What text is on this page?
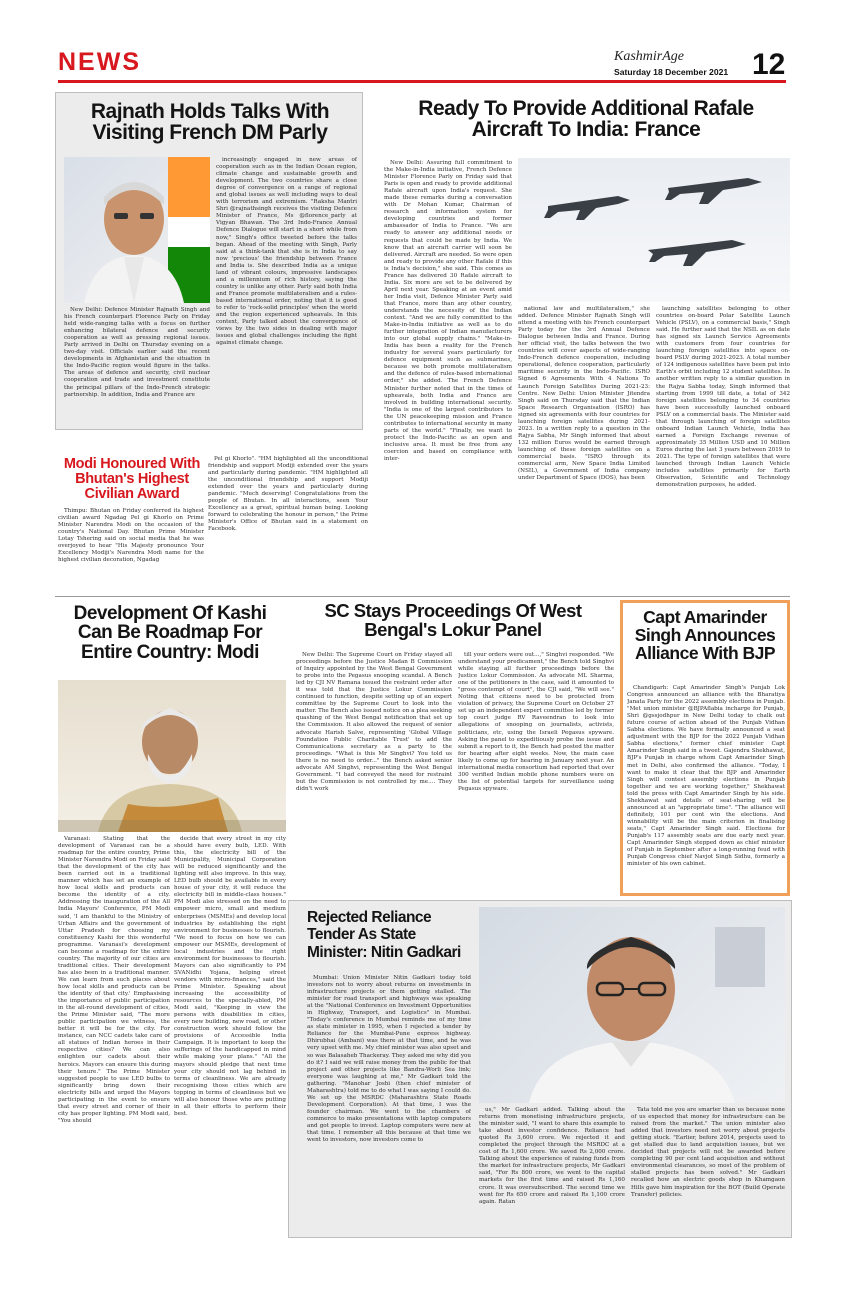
NEWS	KashmirAge
Saturday 18 December 2021 12
Rajnath Holds Talks With Visiting French DM Parly
New Delhi: Defence Minister Rajnath Singh and his French counterpart Florence Parly on Friday held wide-ranging talks with a focus on further enhancing bilateral defence and security cooperation as well as pressing regional issues. Parly arrived in Delhi on Thursday evening on a two-day visit. Officials earlier said the recent developments in Afghanistan and the situation in the Indo-Pacific region would figure in the talks. The areas of defence and security, civil nuclear cooperation and trade and investment constitute the principal pillars of the Indo-French strategic partnership. In addition, India and France are
increasingly engaged in new areas of cooperation such as in the Indian Ocean region, climate change and sustainable growth and development. The two countries share a close degree of convergence on a range of regional and global issues as well including ways to deal with terrorism and extremism. "Raksha Mantri Shri @rajnathsingh receives the visiting Defence Minister of France, Ms @florence_parly at Vigyan Bhawan. The 3rd Indo-France Annual Defence Dialogue will start in a short while from now," Singh's office tweeted before the talks began. Ahead of the meeting with Singh, Parly said at a think-tank that she is in India to say now 'precious' the friendship between France and India is. She described India as a unique land of vibrant colours, impressive landscapes and a millennium of rich history, saying the country is unlike any other. Parly said both India and France promote multilateralism and a rules-based international order, noting that it is good to refer to 'rock-solid principles' when the world and the region experienced upheavals. In this context, Parly talked about the convergence of views by the two sides in dealing with major issues and global challenges including the fight against climate change.
Ready To Provide Additional Rafale Aircraft To India: France
New Delhi: Assuring full commitment to the Make-in-India initiative, French Defence Minister Florence Parly on Friday said that Paris is open and ready to provide additional Rafale aircraft upon India's request. She made these remarks during a conversation with Dr Mohan Kumar, Chairman of research and information system for developing countries and former ambassador of India to France. "We are ready to answer any additional needs or requests that could be made by India. We know that an aircraft carrier will soon be delivered. Aircraft are needed. So were open and ready to provide any other Rafale if this is India's decision," she said. This comes as France has delivered 30 Rafale aircraft to India. Six more are set to be delivered by April next year. Speaking at an event amid her India visit, Defence Minister Parly said that France, more than any other country, understands the necessity of the Indian context. "And we are fully committed to the Make-in-India initiative as well as to do further integration of Indian manufacturers into our global supply chains." "Make-in-India has been a reality for the French industry for several years particularly for defence equipment such as submarines, because we both promote multilateralism and the defence of rules-based international order," she added. The French Defence Minister further noted that in the times of upheavals, both India and France are involved in building international security. "India is one of the largest contributors to the UN peacekeeping mission and France contributes to international security in many parts of the world." "Finally, we want to protect the Indo-Pacific as an open and inclusive area. It must be free from any coercion and based on compliance with inter-
national law and multilateralism," she added. Defence Minister Rajnath Singh will attend a meeting with his French counterpart Parly today for the 3rd Annual Defence Dialogue between India and France. During her official visit, the talks between the two countries will cover aspects of wide-ranging Indo-French defence cooperation, including operational, defence cooperation, particularly maritime security in the Indo-Pacific. ISRO Signed 6 Agreements With 4 Nations To Launch Foreign Satellites During 2021-23: Centre. New Delhi: Union Minister Jitendra Singh said on Thursday said that the Indian Space Research Organisation (ISRO) has signed six agreements with four countries for launching foreign satellites during 2021-2023. In a written reply to a question in the Rajya Sabha, Mr Singh informed that about 132 million Euros would be earned through launching of these foreign satellites on a commercial basis. "ISRO through its commercial arm, New Space India Limited (NSIL), a Government of India company under Department of Space (DOS), has been
launching satellites belonging to other countries on-board Polar Satellite Launch Vehicle (PSLV), on a commercial basis," Singh said. He further said that the NSIL as on date has signed six Launch Service Agreements with customers from four countries for launching foreign satellites into space on-board PSLV during 2021-2023. A total number of 124 indigenous satellites have been put into Earth's orbit including 12 student satellites. In another written reply to a similar question in the Rajya Sabha today, Singh informed that starting from 1999 till date, a total of 342 foreign satellites belonging to 34 countries have been successfully launched onboard PSLV on a commercial basis. The Minister said that through launching of foreign satellites onboard Indian Launch Vehicle, India has earned a Foreign Exchange revenue of approximately 35 Million USD and 10 Million Euros during the last 3 years between 2019 to 2021. The type of foreign satellites that were launched through Indian Launch Vehicle includes satellites primarily for Earth Observation, Scientific and Technology demonstration purposes, he added.
Modi Honoured With Bhutan's Highest Civilian Award
Thimpu: Bhutan on Friday conferred its highest civilian award Ngadag Pel gi Khorlo on Prime Minister Narendra Modi on the occasion of the country's National Day. Bhutan Prime Minister Lotay Tshering said on social media that he was overjoyed to hear "His Majesty pronounce Your Excellency Modiji's Narendra Modi name for the highest civilian decoration, Ngadag
Pel gi Khorlo". "HM highlighted all the unconditional friendship and support Modiji extended over the years and particularly during pandemic. "HM highlighted all the unconditional friendship and support Modiji extended over the years and particularly during pandemic. "Much deserving! Congratulations from the people of Bhutan. In all interactions, seen Your Excellency as a great, spiritual human being. Looking forward to celebrating the honour in person," the Prime Minister's Office of Bhutan said in a statement on Facebook.
Development Of Kashi Can Be Roadmap For Entire Country: Modi
Varanasi: Stating that the development of Varanasi can be a roadmap for the entire country, Prime Minister Narendra Modi on Friday said that the development of the city has been carried out in a traditional manner which has set an example of how local skills and products can become the identity of a city. Addressing the inauguration of the All India Mayors' Conference, PM Modi said, 'I am thankful to the Ministry of Urban Affairs and the government of Uttar Pradesh for choosing my constituency Kashi for this wonderful programme. Varanasi's development can become a roadmap for the entire country. The majority of our cities are traditional cities. Their development has also been in a traditional manner. We can learn from such places about how local skills and products can be the identity of that city.' Emphasising the importance of public participation in the all-round development of cities, the Prime Minister said, "The more public participation we witness, the better it will be for the city. For instance, can NCC cadets take care of all statues of Indian heroes in their respective cities? We can also enlighten our cadets about their heroics. Mayors can ensure this during their tenure." The Prime Minister suggested people to use LED bulbs to significantly bring down their electricity bills and urged the Mayors participating in the event to ensure that every street and corner of their city has proper lighting. PM Modi said, "You should
decide that every street in my city should have every bulb, LED. With this, the electricity bill of the Municipality, Municipal Corporation will be reduced significantly and the lighting will also improve. In this way, LED bulb should be available in every house of your city, it will reduce the electricity bill in middle-class houses." PM Modi also stressed on the need to empower micro, small and medium enterprises (MSMEs) and develop local industries by establishing the right environment for businesses to flourish. "We need to focus on how we can empower our MSMEs, development of local industries and the right environment for businesses to flourish. Mayors can also significantly to PM SVANidhi Yojana, helping street vendors with micro-finances," said the Prime Minister. Speaking about increasing the accessibility of resources to the specially-abled, PM Modi said, "Keeping in view the persons with disabilities in cities, every new building, new road, or other construction work should follow the provisions of Accessible India Campaign. It is important to keep the sufferings of the handicapped in mind while making your plans." "All the mayors should pledge that next time your city should not lag behind in terms of cleanliness. We are already recognising those cities which are topping in terms of cleanliness but we will also honour those who are putting in all their efforts to perform their best.
SC Stays Proceedings Of West Bengal's Lokur Panel
New Delhi: The Supreme Court on Friday stayed all proceedings before the Justice Madan B Commission of Inquiry appointed by the West Bengal Government to probe into the Pegasus snooping scandal. A Bench led by CJI NV Ramana issued the restraint order after it was told that the Justice Lokur Commission continued to function, despite setting up of an expert committee by the Supreme Court to look into the matter. The Bench also issued notice on a plea seeking quashing of the West Bengal notification that set up the Commission. It also allowed the request of senior advocate Harish Salve, representing 'Global Village Foundation Public Charitable Trust' to add the Communications secretary as a party to the proceedings. "What is this Mr Singhvi? You told us there is no need to order..." the Bench asked senior advocate AM Singhvi, representing the West Bengal Government. "I had conveyed the need for restraint but the Commission is not controlled by me.... They didn't work
till your orders were out...," Singhvi responded. "We understand your predicament," the Bench told Singhvi while staying all further proceedings before the Justice Lokur Commission. As advocate ML Sharma, one of the petitioners in the case, said it amounted to "gross contempt of court", the CJI said, "We will see." Noting that citizens need to be protected from violation of privacy, the Supreme Court on October 27 set up an independent expert committee led by former top court judge RV Raveendran to look into allegations of snooping on journalists, activists, politicians, etc, using the Israeli Pegasus spyware. Asking the panel to expeditiously probe the issue and submit a report to it, the Bench had posted the matter for hearing after eight weeks. Now, the main case likely to come up for hearing in January next year. An international media consortium had reported that over 300 verified Indian mobile phone numbers were on the list of potential targets for surveillance using Pegasus spyware.
Capt Amarinder Singh Announces Alliance With BJP
Chandigarh: Capt Amarinder Singh's Punjab Lok Congress announced an alliance with the Bharatiya Janata Party for the 2022 assembly elections in Punjab. "Met union minister @BJPAflabia incharge for Punjab, Shri @gssjodhpur in New Delhi today to chalk out future course of action ahead of the Punjab Vidhan Sabha elections. We have formally announced a seat adjustment with the BJP for the 2022 Punjab Vidhan Sabha elections," former chief minister Capt Amarinder Singh said in a tweet. Gajendra Shekhawat, BJP's Punjab in charge whom Capt Amarinder Singh met in Delhi, also confirmed the alliance. "Today, I want to make it clear that the BJP and Amarinder Singh will contest assembly elections in Punjab together and we are working together," Shekhawat told the press with Capt Amarinder Singh by his side. Shekhawat said details of seat-sharing will be announced at an "appropriate time". "The alliance will definitely, 101 per cent win the elections. And winnability will be the main criterion in finalising seats," Capt Amarinder Singh said. Elections for Punjab's 117 assembly seats are due early next year. Capt Amarinder Singh stepped down as chief minister of Punjab in September after a long-running feud with Punjab Congress chief Navjot Singh Sidhu, formerly a minister of his own cabinet.
Rejected Reliance Tender As State Minister: Nitin Gadkari
Mumbai: Union Minister Nitin Gadkari today told investors not to worry about returns on investments in infrastructure projects or them getting stalled. The minister for road transport and highways was speaking at the "National Conference on Investment Opportunities in Highway, Transport, and Logistics" in Mumbai. "Today's conference in Mumbai reminds me of my time as state minister in 1995, when I rejected a tender by Reliance for the Mumbai-Pune express highway. Dhirubhai (Ambani) was there at that time, and he was very upset with me. My chief minister was also upset and so was Balasaheb Thackeray. They asked me why did you do it? I said we will raise money from the public for that project and other projects like Bandra-Worli Sea link; everyone was laughing at me," Mr Gadkari told the gathering. "Manohar Joshi (then chief minister of Maharashtra) told me to do what I was saying I could do. We set up the MSRDC (Maharashtra State Roads Development Corporation). At that time, I was the founder chairman. We went to the chambers of commerce to make presentations with laptop computers and got people to invest. Laptop computers were new at that time. I remember all this because at that time we went to investors, now investors come to
us," Mr Gadkari added. Talking about the returns from monetising infrastructure projects, the minister said, "I want to share this example to take about investor confidence. Reliance had quoted Rs 3,600 crore. We rejected it and completed the project through the MSRDC at a cost of Rs 1,600 crore. We saved Rs 2,000 crore. Talking about the experience of raising funds from the market for infrastructure projects, Mr Gadkari said, "For Rs 800 crore, we went to the capital markets for the first time and raised Rs 1,160 crore. It was oversubscribed. The second time we went for Rs 650 crore and raised Rs 1,100 crore again. Ratan
Tata told me you are smarter than us because none of us expected that money for infrastructure can be raised from the market." The union minister also added that investors need not worry about projects getting stuck. "Earlier, before 2014, projects used to get stalled due to land acquisition issues, but we decided that projects will not be awarded before completing 90 per cent land acquisition and without environmental clearances, so most of the problem of stalled projects has been solved." Mr Gadkari recalled how an electric goods shop in Khamgaon Hills gave him inspiration for the BOT (Build Operate Transfer) policies.
